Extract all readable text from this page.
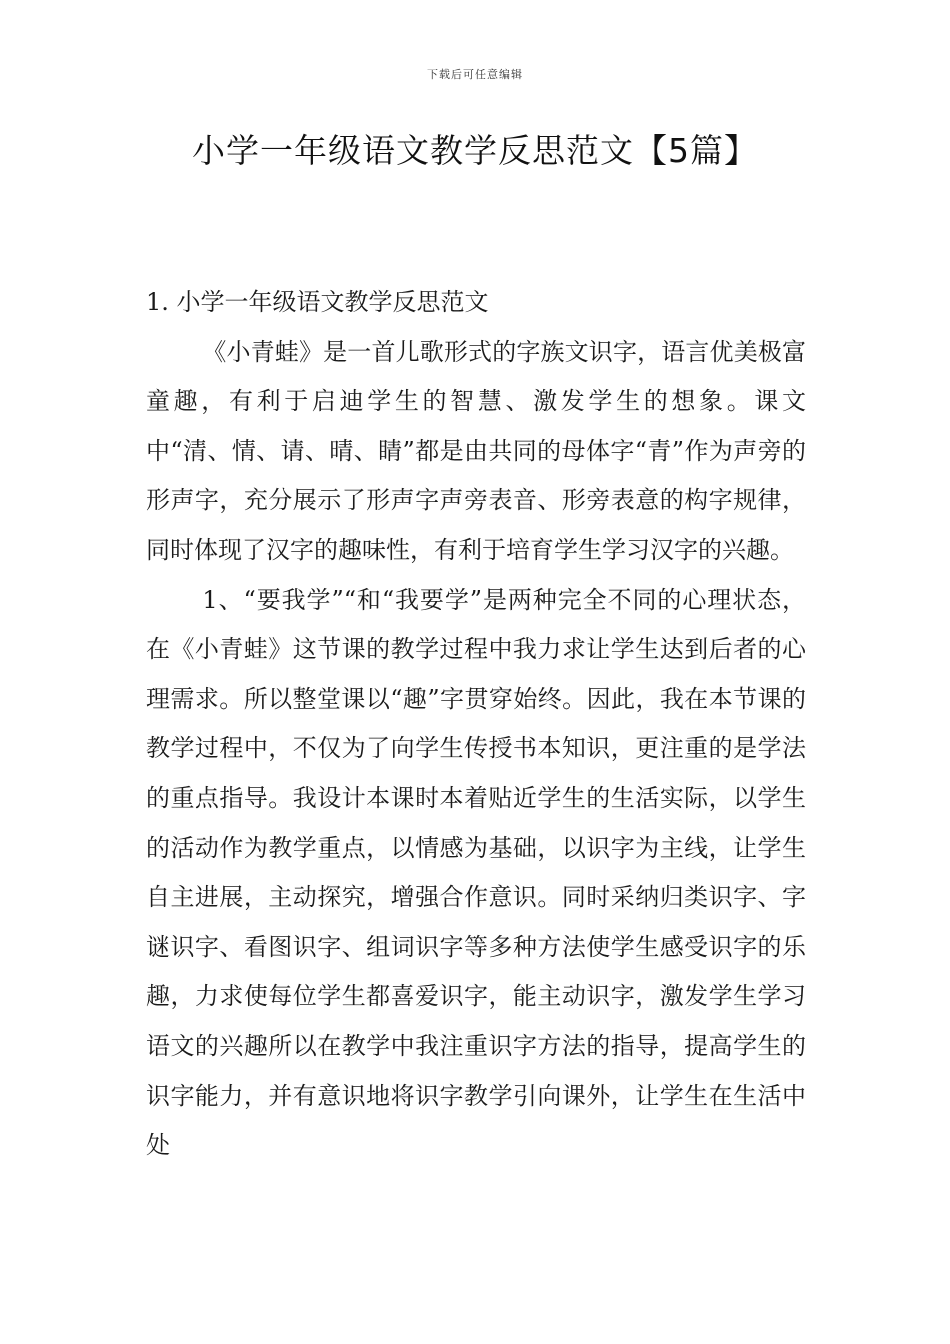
下载后可任意编辑
小学一年级语文教学反思范文【5篇】
1. 小学一年级语文教学反思范文

《小青蛙》是一首儿歌形式的字族文识字，语言优美极富童趣，有利于启迪学生的智慧、激发学生的想象。课文中“清、情、请、晴、睛”都是由共同的母体字“青”作为声旁的形声字，充分展示了形声字声旁表音、形旁表意的构字规律，同时体现了汉字的趣味性，有利于培育学生学习汉字的兴趣。

1、“要我学”“和“我要学”是两种完全不同的心理状态，在《小青蛙》这节课的教学过程中我力求让学生达到后者的心理需求。所以整堂课以“趣”字贯穿始终。因此，我在本节课的教学过程中，不仅为了向学生传授书本知识，更注重的是学法的重点指导。我设计本课时本着贴近学生的生活实际，以学生的活动作为教学重点，以情感为基础，以识字为主线，让学生自主进展，主动探究，增强合作意识。同时采纳归类识字、字谜识字、看图识字、组词识字等多种方法使学生感受识字的乐趣，力求使每位学生都喜爱识字，能主动识字，激发学生学习语文的兴趣所以在教学中我注重识字方法的指导，提高学生的识字能力，并有意识地将识字教学引向课外，让学生在生活中处
